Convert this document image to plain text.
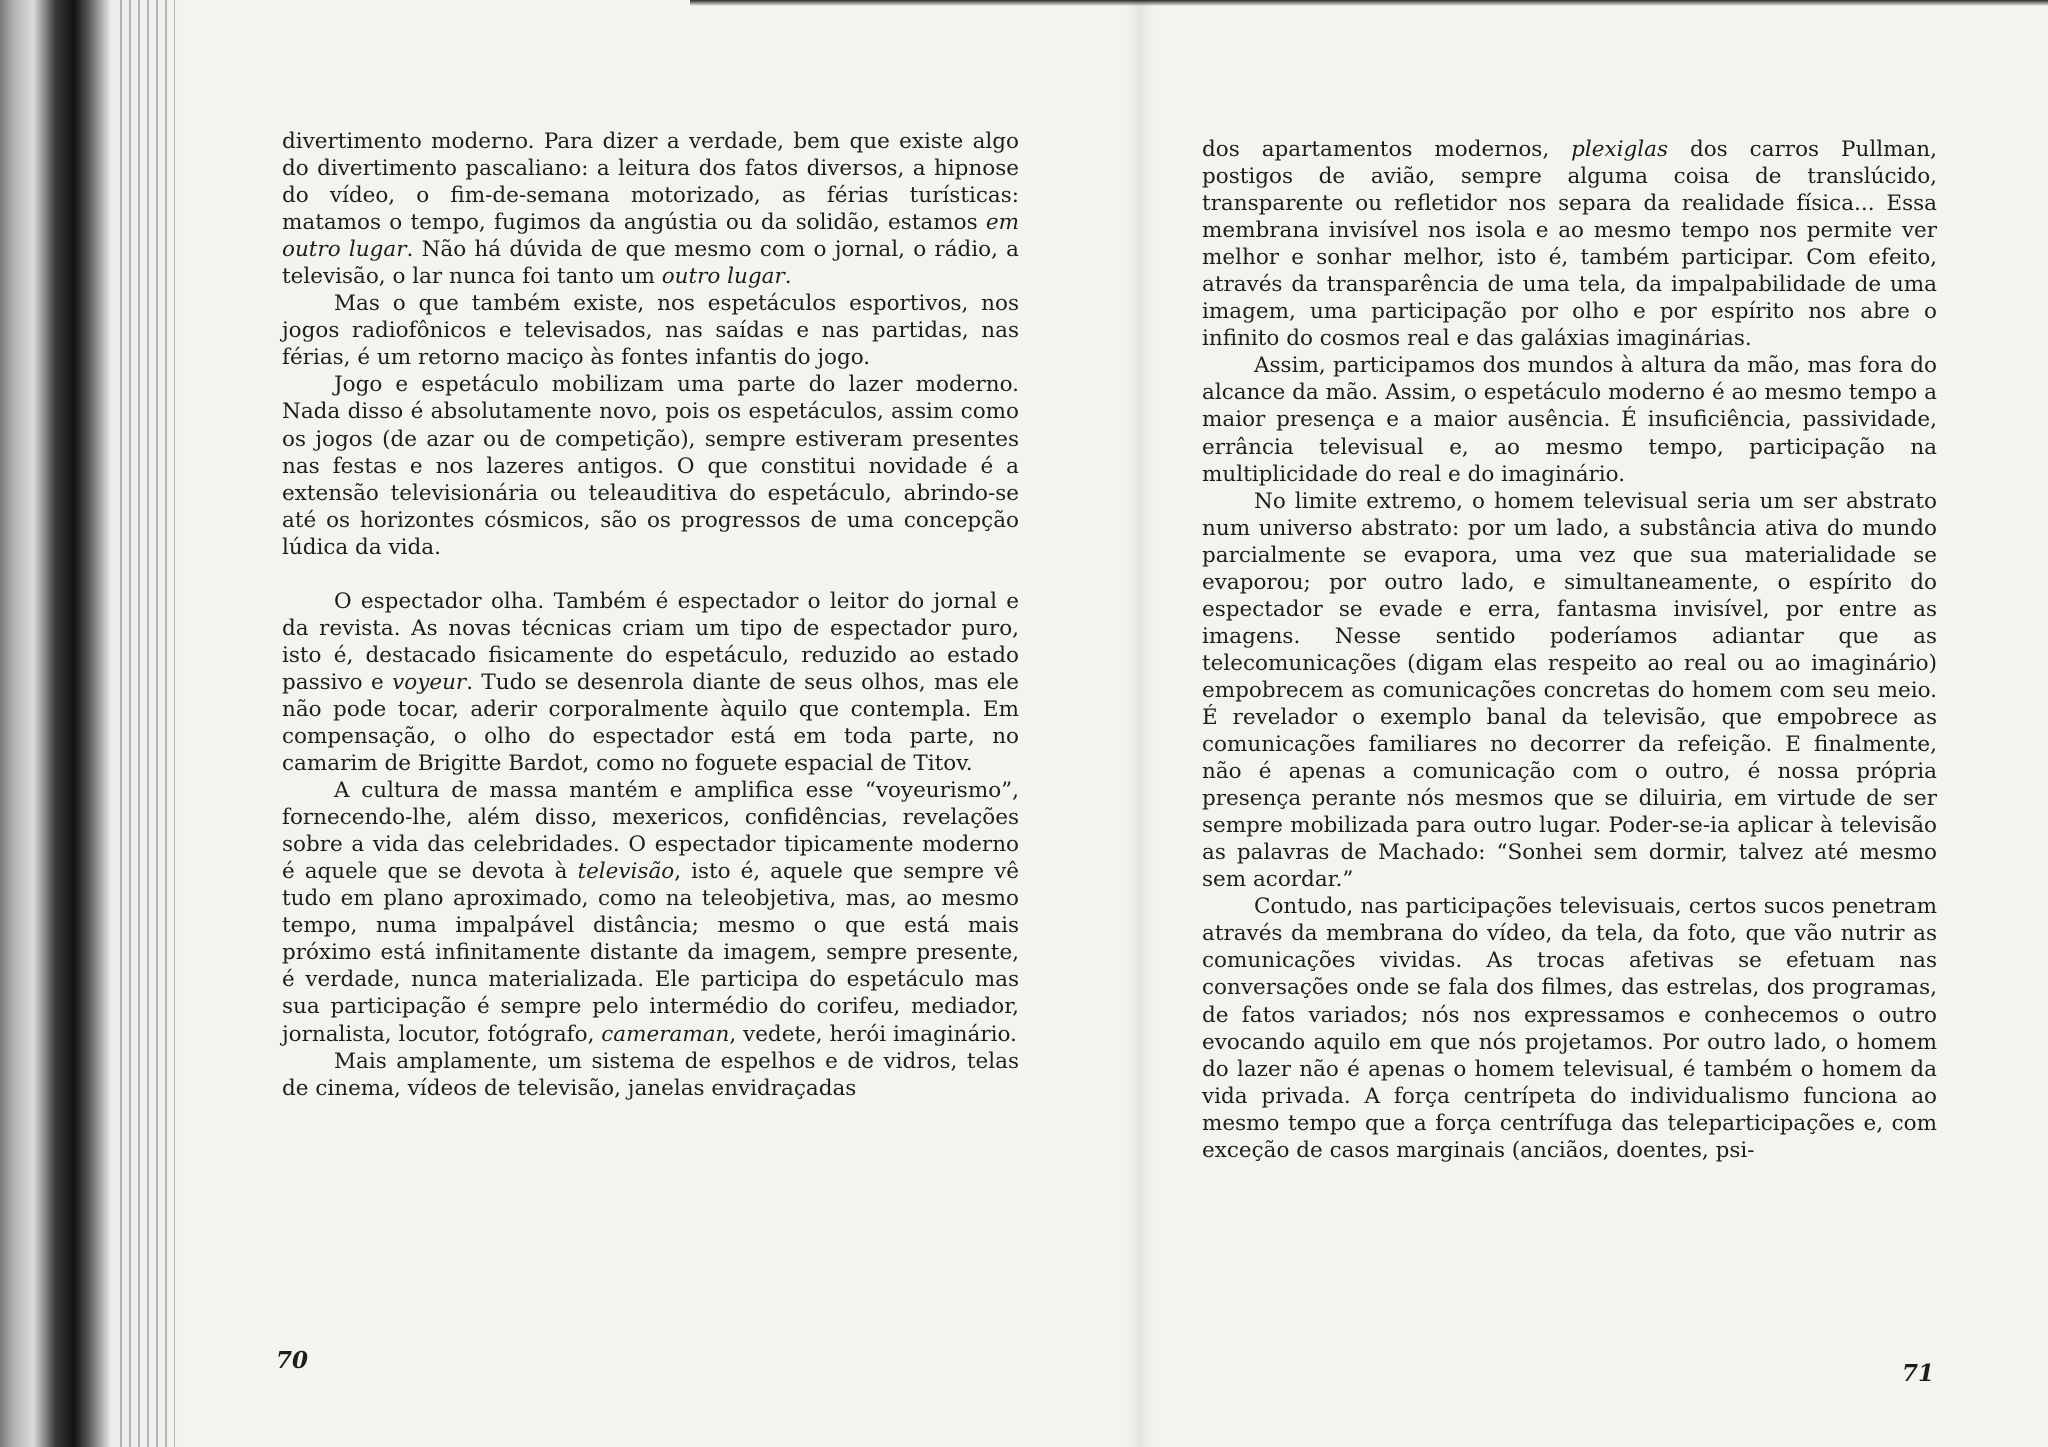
divertimento moderno. Para dizer a verdade, bem que existe algo do divertimento pascaliano: a leitura dos fatos diversos, a hipnose do vídeo, o fim-de-semana motorizado, as férias turísticas: matamos o tempo, fugimos da angústia ou da solidão, estamos em outro lugar. Não há dúvida de que mesmo com o jornal, o rádio, a televisão, o lar nunca foi tanto um outro lugar.

Mas o que também existe, nos espetáculos esportivos, nos jogos radiofônicos e televisados, nas saídas e nas partidas, nas férias, é um retorno maciço às fontes infantis do jogo.

Jogo e espetáculo mobilizam uma parte do lazer moderno. Nada disso é absolutamente novo, pois os espetáculos, assim como os jogos (de azar ou de competição), sempre estiveram presentes nas festas e nos lazeres antigos. O que constitui novidade é a extensão televisionária ou teleauditiva do espetáculo, abrindo-se até os horizontes cósmicos, são os progressos de uma concepção lúdica da vida.

O espectador olha. Também é espectador o leitor do jornal e da revista. As novas técnicas criam um tipo de espectador puro, isto é, destacado fisicamente do espetáculo, reduzido ao estado passivo e voyeur. Tudo se desenrola diante de seus olhos, mas ele não pode tocar, aderir corporalmente àquilo que contempla. Em compensação, o olho do espectador está em toda parte, no camarim de Brigitte Bardot, como no foguete espacial de Titov.

A cultura de massa mantém e amplifica esse “voyeurismo”, fornecendo-lhe, além disso, mexericos, confidências, revelações sobre a vida das celebridades. O espectador tipicamente moderno é aquele que se devota à televisão, isto é, aquele que sempre vê tudo em plano aproximado, como na teleobjetiva, mas, ao mesmo tempo, numa impalpável distância; mesmo o que está mais próximo está infinitamente distante da imagem, sempre presente, é verdade, nunca materializada. Ele participa do espetáculo mas sua participação é sempre pelo intermédio do corifeu, mediador, jornalista, locutor, fotógrafo, cameraman, vedete, herói imaginário.

Mais amplamente, um sistema de espelhos e de vidros, telas de cinema, vídeos de televisão, janelas envidraçadas

70

dos apartamentos modernos, plexiglas dos carros Pullman, postigos de avião, sempre alguma coisa de translúcido, transparente ou refletidor nos separa da realidade física... Essa membrana invisível nos isola e ao mesmo tempo nos permite ver melhor e sonhar melhor, isto é, também participar. Com efeito, através da transparência de uma tela, da impalpabilidade de uma imagem, uma participação por olho e por espírito nos abre o infinito do cosmos real e das galáxias imaginárias.

Assim, participamos dos mundos à altura da mão, mas fora do alcance da mão. Assim, o espetáculo moderno é ao mesmo tempo a maior presença e a maior ausência. É insuficiência, passividade, errância televisual e, ao mesmo tempo, participação na multiplicidade do real e do imaginário.

No limite extremo, o homem televisual seria um ser abstrato num universo abstrato: por um lado, a substância ativa do mundo parcialmente se evapora, uma vez que sua materialidade se evaporou; por outro lado, e simultaneamente, o espírito do espectador se evade e erra, fantasma invisível, por entre as imagens. Nesse sentido poderíamos adiantar que as telecomunicações (digam elas respeito ao real ou ao imaginário) empobrecem as comunicações concretas do homem com seu meio. É revelador o exemplo banal da televisão, que empobrece as comunicações familiares no decorrer da refeição. E finalmente, não é apenas a comunicação com o outro, é nossa própria presença perante nós mesmos que se diluiria, em virtude de ser sempre mobilizada para outro lugar. Poder-se-ia aplicar à televisão as palavras de Machado: “Sonhei sem dormir, talvez até mesmo sem acordar.”

Contudo, nas participações televisuais, certos sucos penetram através da membrana do vídeo, da tela, da foto, que vão nutrir as comunicações vividas. As trocas afetivas se efetuam nas conversações onde se fala dos filmes, das estrelas, dos programas, de fatos variados; nós nos expressamos e conhecemos o outro evocando aquilo em que nós projetamos. Por outro lado, o homem do lazer não é apenas o homem televisual, é também o homem da vida privada. A força centrípeta do individualismo funciona ao mesmo tempo que a força centrífuga das teleparticipações e, com exceção de casos marginais (anciãos, doentes, psi-

71
